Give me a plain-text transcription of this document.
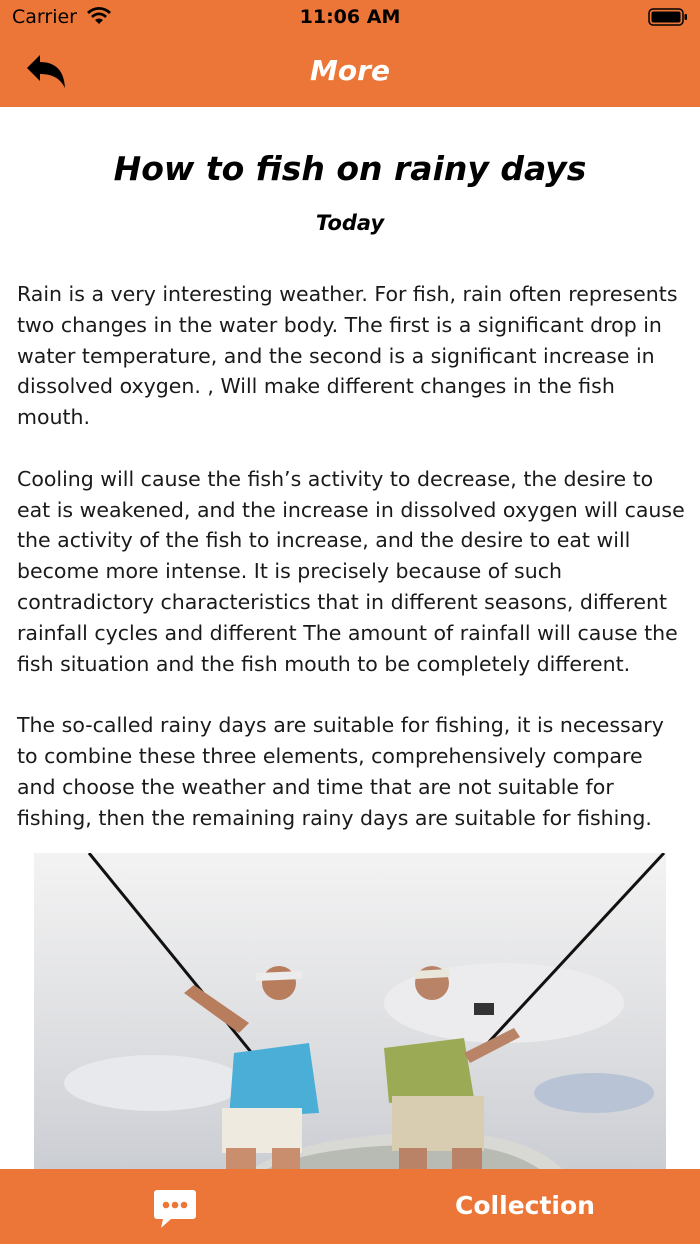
Carrier	11:06 AM
More
How to fish on rainy days
Today

Rain is a very interesting weather. For fish, rain often represents two changes in the water body. The first is a significant drop in water temperature, and the second is a significant increase in dissolved oxygen. , Will make different changes in the fish mouth.

Cooling will cause the fish’s activity to decrease, the desire to eat is weakened, and the increase in dissolved oxygen will cause the activity of the fish to increase, and the desire to eat will become more intense. It is precisely because of such contradictory characteristics that in different seasons, different rainfall cycles and different The amount of rainfall will cause the fish situation and the fish mouth to be completely different.

The so-called rainy days are suitable for fishing, it is necessary to combine these three elements, comprehensively compare and choose the weather and time that are not suitable for fishing, then the remaining rainy days are suitable for fishing.

Collection
